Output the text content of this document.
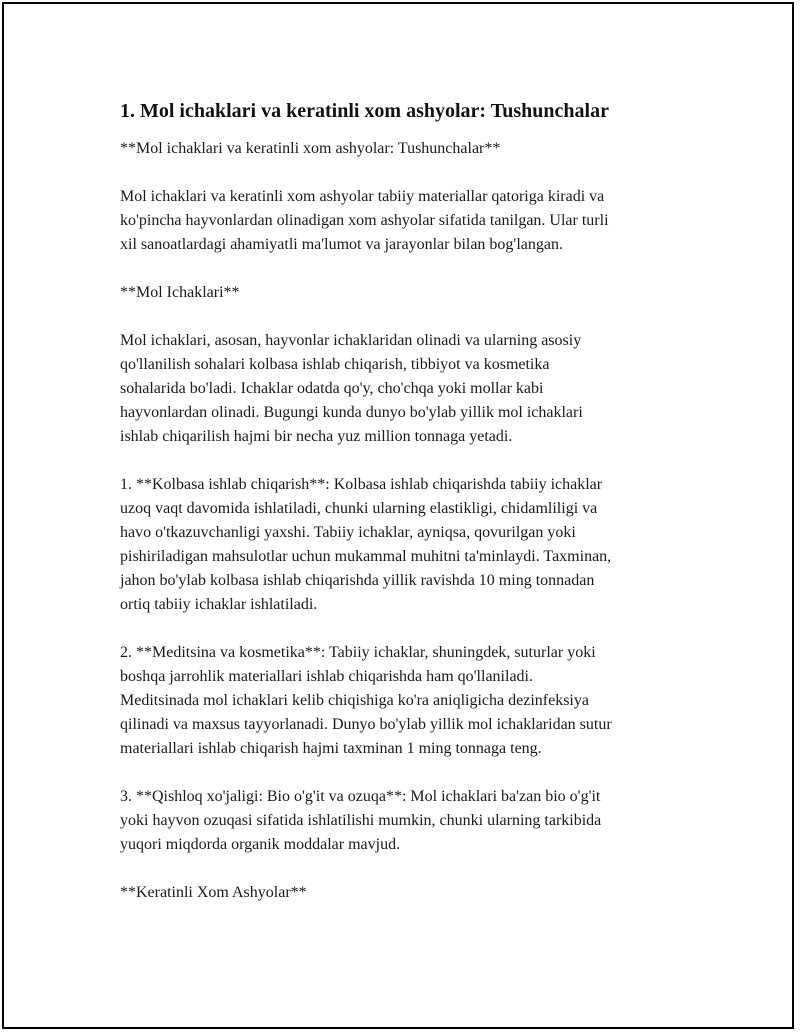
1. Mol ichaklari va keratinli xom ashyolar: Tushunchalar

**Mol ichaklari va keratinli xom ashyolar: Tushunchalar**

Mol ichaklari va keratinli xom ashyolar tabiiy materiallar qatoriga kiradi va
ko'pincha hayvonlardan olinadigan xom ashyolar sifatida tanilgan. Ular turli
xil sanoatlardagi ahamiyatli ma'lumot va jarayonlar bilan bog'langan.

**Mol Ichaklari**

Mol ichaklari, asosan, hayvonlar ichaklaridan olinadi va ularning asosiy
qo'llanilish sohalari kolbasa ishlab chiqarish, tibbiyot va kosmetika
sohalarida bo'ladi. Ichaklar odatda qo'y, cho'chqa yoki mollar kabi
hayvonlardan olinadi. Bugungi kunda dunyo bo'ylab yillik mol ichaklari
ishlab chiqarilish hajmi bir necha yuz million tonnaga yetadi.

1. **Kolbasa ishlab chiqarish**: Kolbasa ishlab chiqarishda tabiiy ichaklar
uzoq vaqt davomida ishlatiladi, chunki ularning elastikligi, chidamliligi va
havo o'tkazuvchanligi yaxshi. Tabiiy ichaklar, ayniqsa, qovurilgan yoki
pishiriladigan mahsulotlar uchun mukammal muhitni ta'minlaydi. Taxminan,
jahon bo'ylab kolbasa ishlab chiqarishda yillik ravishda 10 ming tonnadan
ortiq tabiiy ichaklar ishlatiladi.

2. **Meditsina va kosmetika**: Tabiiy ichaklar, shuningdek, suturlar yoki
boshqa jarrohlik materiallari ishlab chiqarishda ham qo'llaniladi.
Meditsinada mol ichaklari kelib chiqishiga ko'ra aniqligicha dezinfeksiya
qilinadi va maxsus tayyorlanadi. Dunyo bo'ylab yillik mol ichaklaridan sutur
materiallari ishlab chiqarish hajmi taxminan 1 ming tonnaga teng.

3. **Qishloq xo'jaligi: Bio o'g'it va ozuqa**: Mol ichaklari ba'zan bio o'g'it
yoki hayvon ozuqasi sifatida ishlatilishi mumkin, chunki ularning tarkibida
yuqori miqdorda organik moddalar mavjud.

**Keratinli Xom Ashyolar**
